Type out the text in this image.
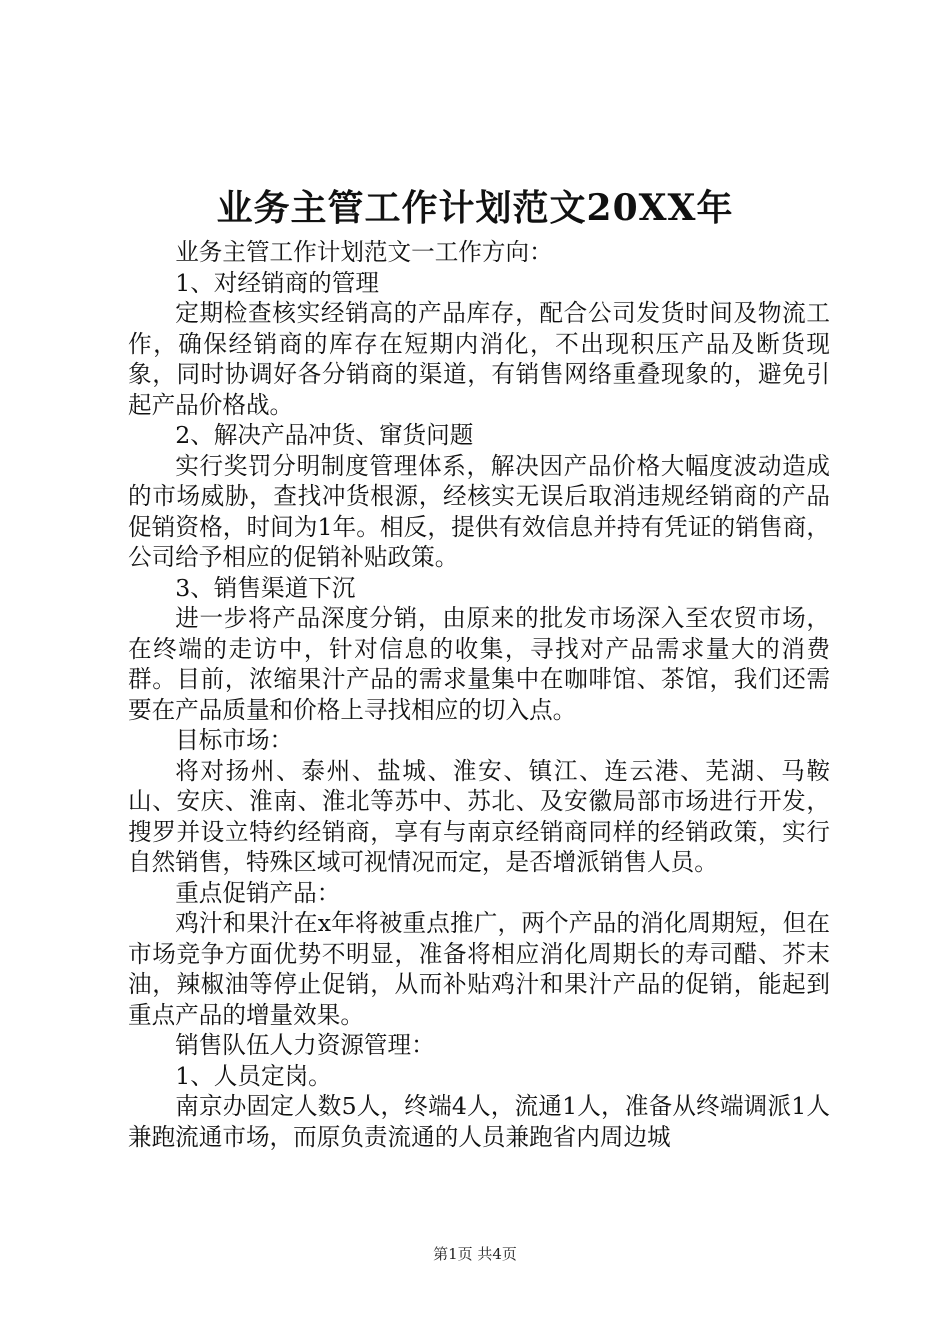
业务主管工作计划范文20XX年

业务主管工作计划范文一工作方向：

1、对经销商的管理

定期检查核实经销高的产品库存，配合公司发货时间及物流工作，确保经销商的库存在短期内消化，不出现积压产品及断货现象，同时协调好各分销商的渠道，有销售网络重叠现象的，避免引起产品价格战。

2、解决产品冲货、窜货问题

实行奖罚分明制度管理体系，解决因产品价格大幅度波动造成的市场威胁，查找冲货根源，经核实无误后取消违规经销商的产品促销资格，时间为1年。相反，提供有效信息并持有凭证的销售商，公司给予相应的促销补贴政策。

3、销售渠道下沉

进一步将产品深度分销，由原来的批发市场深入至农贸市场，在终端的走访中，针对信息的收集，寻找对产品需求量大的消费群。目前，浓缩果汁产品的需求量集中在咖啡馆、茶馆，我们还需要在产品质量和价格上寻找相应的切入点。

目标市场：

将对扬州、泰州、盐城、淮安、镇江、连云港、芜湖、马鞍山、安庆、淮南、淮北等苏中、苏北、及安徽局部市场进行开发，搜罗并设立特约经销商，享有与南京经销商同样的经销政策，实行自然销售，特殊区域可视情况而定，是否增派销售人员。

重点促销产品：

鸡汁和果汁在x年将被重点推广，两个产品的消化周期短，但在市场竞争方面优势不明显，准备将相应消化周期长的寿司醋、芥末油，辣椒油等停止促销，从而补贴鸡汁和果汁产品的促销，能起到重点产品的增量效果。

销售队伍人力资源管理：

1、人员定岗。

南京办固定人数5人，终端4人，流通1人，准备从终端调派1人兼跑流通市场，而原负责流通的人员兼跑省内周边城

第1页 共4页
